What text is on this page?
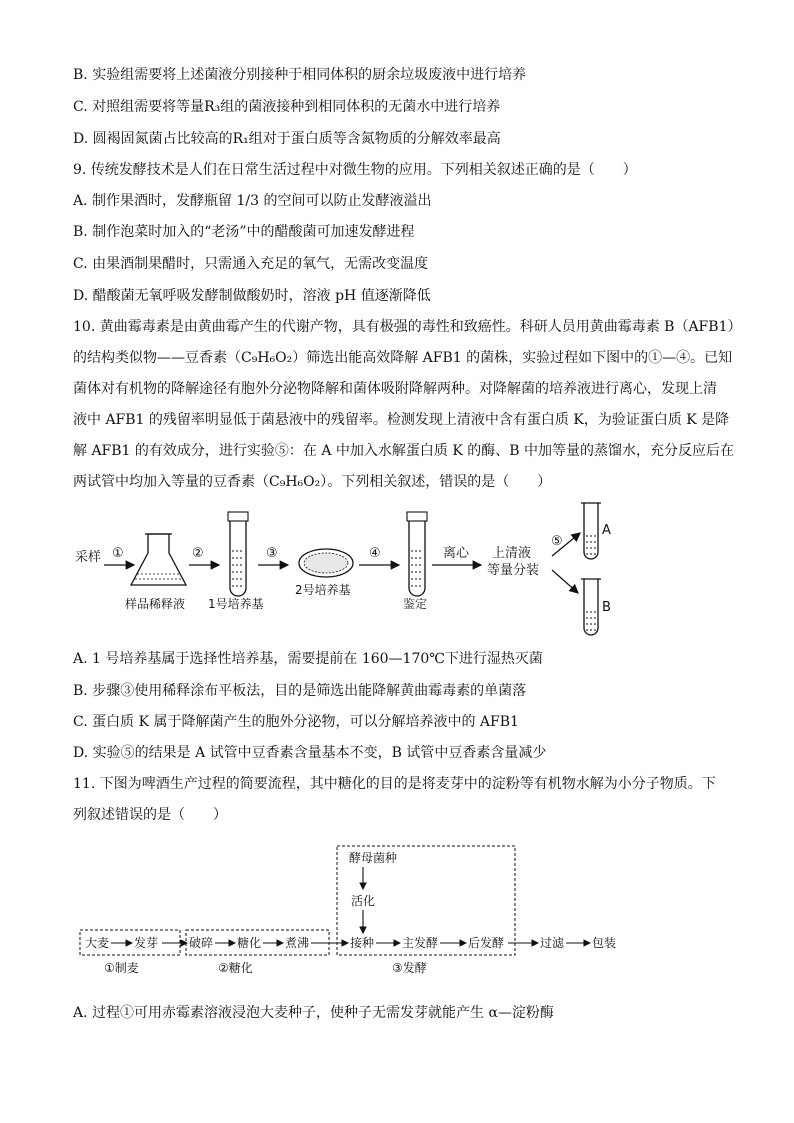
B. 实验组需要将上述菌液分别接种于相同体积的厨余垃圾废液中进行培养
C. 对照组需要将等量R₃组的菌液接种到相同体积的无菌水中进行培养
D. 圆褐固氮菌占比较高的R₁组对于蛋白质等含氮物质的分解效率最高
9. 传统发酵技术是人们在日常生活过程中对微生物的应用。下列相关叙述正确的是（　　）
A. 制作果酒时，发酵瓶留 1/3 的空间可以防止发酵液溢出
B. 制作泡菜时加入的“老汤”中的醋酸菌可加速发酵进程
C. 由果酒制果醋时，只需通入充足的氧气，无需改变温度
D. 醋酸菌无氧呼吸发酵制做酸奶时，溶液 pH 值逐渐降低
10. 黄曲霉毒素是由黄曲霉产生的代谢产物，具有极强的毒性和致癌性。科研人员用黄曲霉毒素 B（AFB1）
的结构类似物——豆香素（C₉H₆O₂）筛选出能高效降解 AFB1 的菌株，实验过程如下图中的①—④。已知
菌体对有机物的降解途径有胞外分泌物降解和菌体吸附降解两种。对降解菌的培养液进行离心，发现上清
液中 AFB1 的残留率明显低于菌悬液中的残留率。检测发现上清液中含有蛋白质 K，为验证蛋白质 K 是降
解 AFB1 的有效成分，进行实验⑤：在 A 中加入水解蛋白质 K 的酶、B 中加等量的蒸馏水，充分反应后在
两试管中均加入等量的豆香素（C₉H₆O₂）。下列相关叙述，错误的是（　　）
采样 ①
样品稀释液
②
1号培养基
③
2号培养基
④
鉴定
离心 上清液
等量分装
⑤
A
B
A. 1 号培养基属于选择性培养基，需要提前在 160—170℃下进行湿热灭菌
B. 步骤③使用稀释涂布平板法，目的是筛选出能降解黄曲霉毒素的单菌落
C. 蛋白质 K 属于降解菌产生的胞外分泌物，可以分解培养液中的 AFB1
D. 实验⑤的结果是 A 试管中豆香素含量基本不变，B 试管中豆香素含量减少
11. 下图为啤酒生产过程的简要流程，其中糖化的目的是将麦芽中的淀粉等有机物水解为小分子物质。下
列叙述错误的是（　　）
酵母菌种
活化
大麦 发芽	破碎 糖化 煮沸	接种 主发酵 后发酵	过滤 包装
①制麦	②糖化	③发酵
A. 过程①可用赤霉素溶液浸泡大麦种子，使种子无需发芽就能产生 α—淀粉酶
